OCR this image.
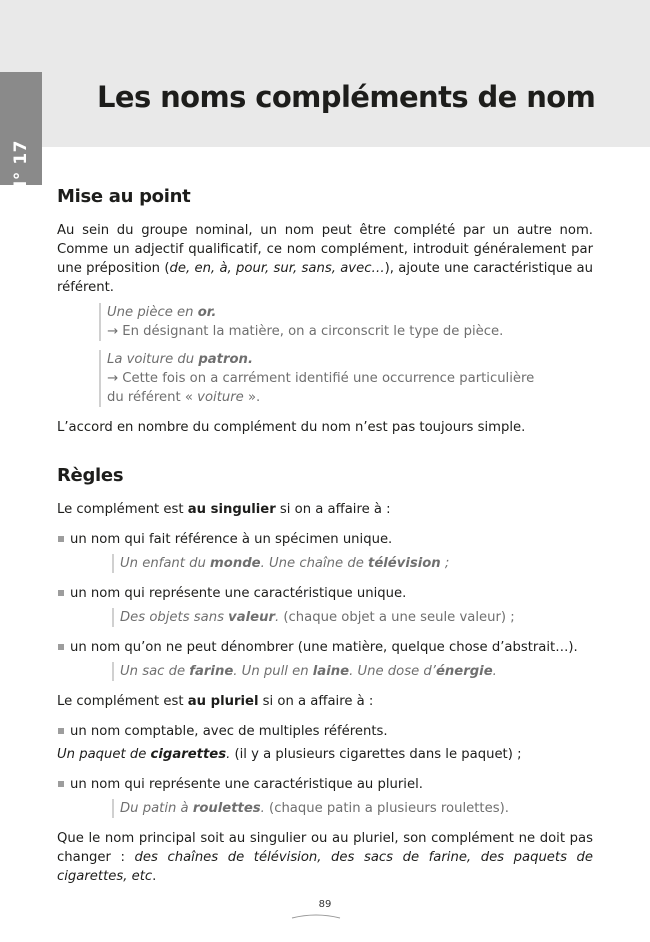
FICHE N° 17
Les noms compléments de nom
Mise au point

Au sein du groupe nominal, un nom peut être complété par un autre nom. Comme un adjectif qualificatif, ce nom complément, introduit généralement par une préposition (de, en, à, pour, sur, sans, avec…), ajoute une caractéristique au référent.

Une pièce en or.
→ En désignant la matière, on a circonscrit le type de pièce.
La voiture du patron.
→ Cette fois on a carrément identifié une occurrence particulière
du référent « voiture ».

L’accord en nombre du complément du nom n’est pas toujours simple.

Règles

Le complément est au singulier si on a affaire à :

un nom qui fait référence à un spécimen unique.
Un enfant du monde. Une chaîne de télévision ;
un nom qui représente une caractéristique unique.
Des objets sans valeur. (chaque objet a une seule valeur) ;
un nom qu’on ne peut dénombrer (une matière, quelque chose d’abstrait…).
Un sac de farine. Un pull en laine. Une dose d’énergie.

Le complément est au pluriel si on a affaire à :

un nom comptable, avec de multiples référents.

Un paquet de cigarettes. (il y a plusieurs cigarettes dans le paquet) ;

un nom qui représente une caractéristique au pluriel.
Du patin à roulettes. (chaque patin a plusieurs roulettes).

Que le nom principal soit au singulier ou au pluriel, son complément ne doit pas changer : des chaînes de télévision, des sacs de farine, des paquets de cigarettes, etc.

89
